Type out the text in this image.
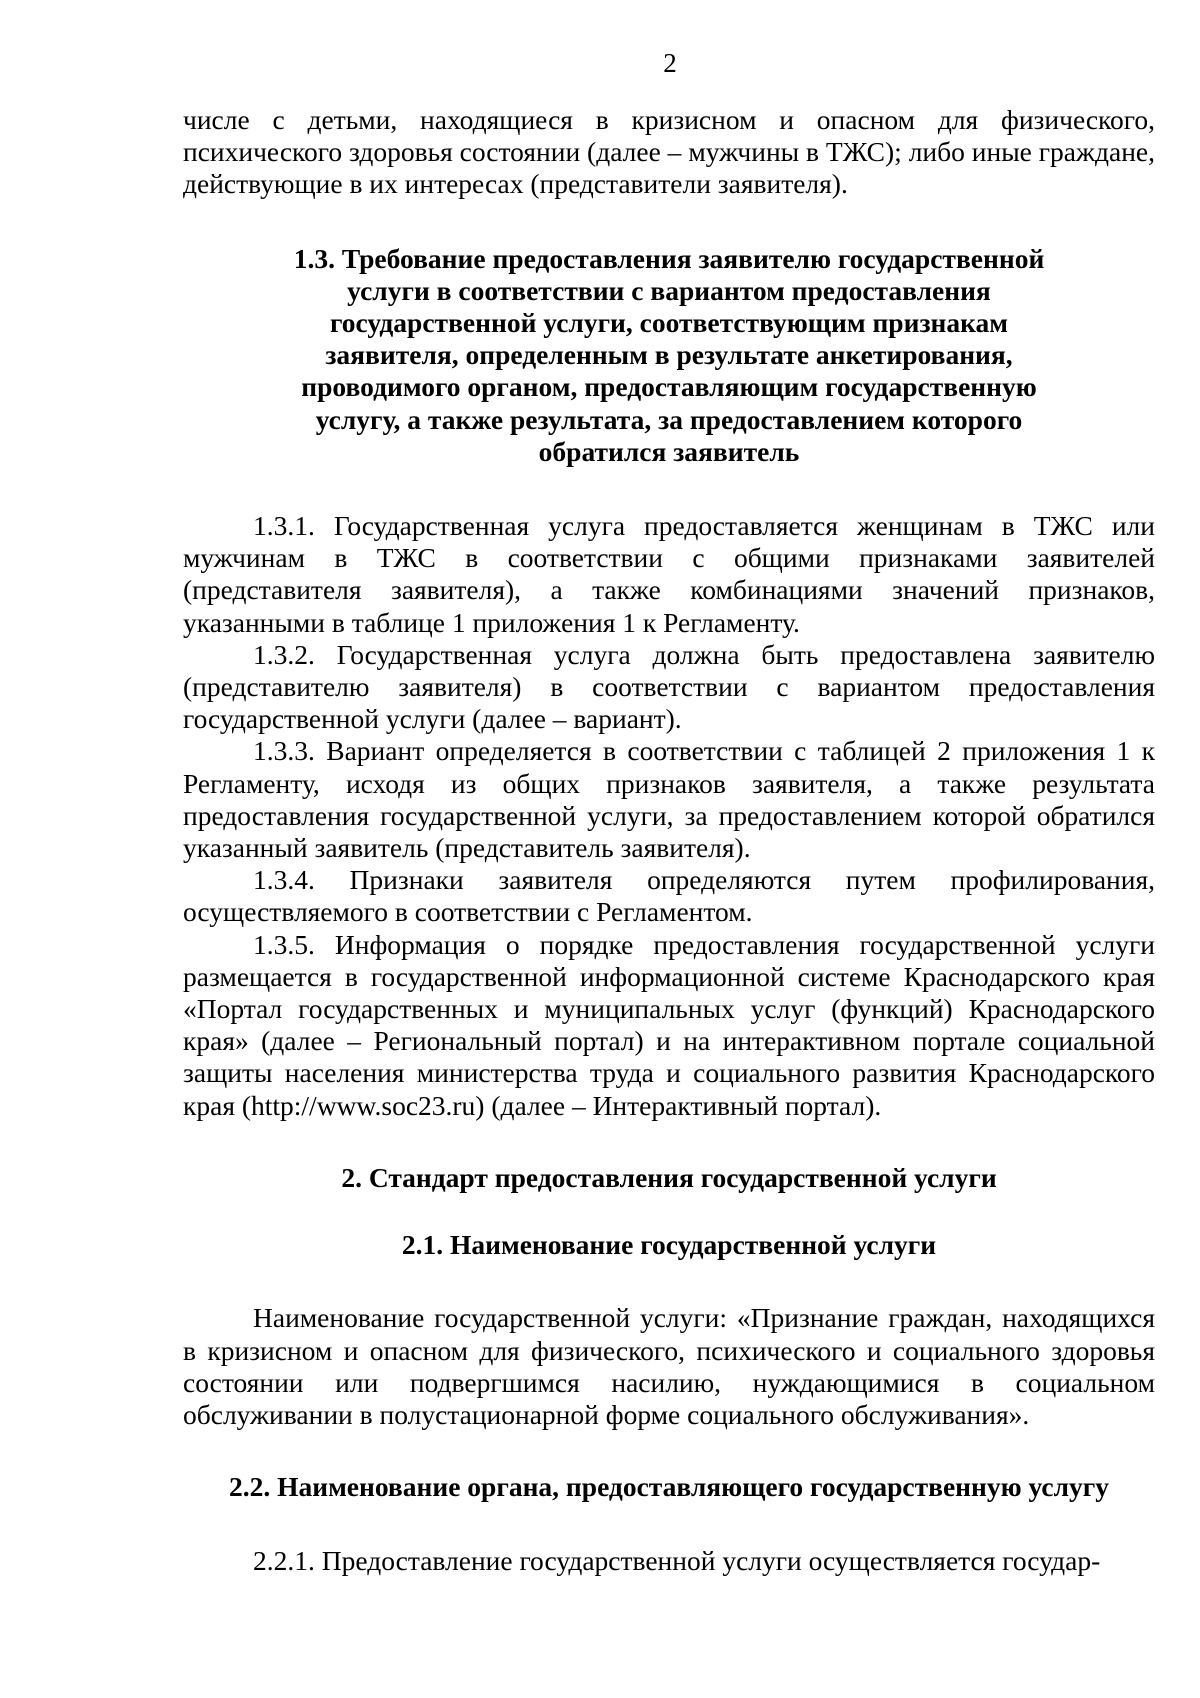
2

числе с детьми, находящиеся в кризисном и опасном для физического, психического здоровья состоянии (далее – мужчины в ТЖС); либо иные граждане, действующие в их интересах (представители заявителя).

1.3. Требование предоставления заявителю государственной услуги в соответствии с вариантом предоставления государственной услуги, соответствующим признакам заявителя, определенным в результате анкетирования, проводимого органом, предоставляющим государственную услугу, а также результата, за предоставлением которого обратился заявитель

1.3.1. Государственная услуга предоставляется женщинам в ТЖС или мужчинам в ТЖС в соответствии с общими признаками заявителей (представителя заявителя), а также комбинациями значений признаков, указанными в таблице 1 приложения 1 к Регламенту.

1.3.2. Государственная услуга должна быть предоставлена заявителю (представителю заявителя) в соответствии с вариантом предоставления государственной услуги (далее – вариант).

1.3.3. Вариант определяется в соответствии с таблицей 2 приложения 1 к Регламенту, исходя из общих признаков заявителя, а также результата предоставления государственной услуги, за предоставлением которой обратился указанный заявитель (представитель заявителя).

1.3.4. Признаки заявителя определяются путем профилирования, осуществляемого в соответствии с Регламентом.

1.3.5. Информация о порядке предоставления государственной услуги размещается в государственной информационной системе Краснодарского края «Портал государственных и муниципальных услуг (функций) Краснодарского края» (далее – Региональный портал) и на интерактивном портале социальной защиты населения министерства труда и социального развития Краснодарского края (http://www.soc23.ru) (далее – Интерактивный портал).

2. Стандарт предоставления государственной услуги
2.1. Наименование государственной услуги

Наименование государственной услуги: «Признание граждан, находящихся в кризисном и опасном для физического, психического и социального здоровья состоянии или подвергшимся насилию, нуждающимися в социальном обслуживании в полустационарной форме социального обслуживания».

2.2. Наименование органа, предоставляющего государственную услугу

2.2.1. Предоставление государственной услуги осуществляется государ-
